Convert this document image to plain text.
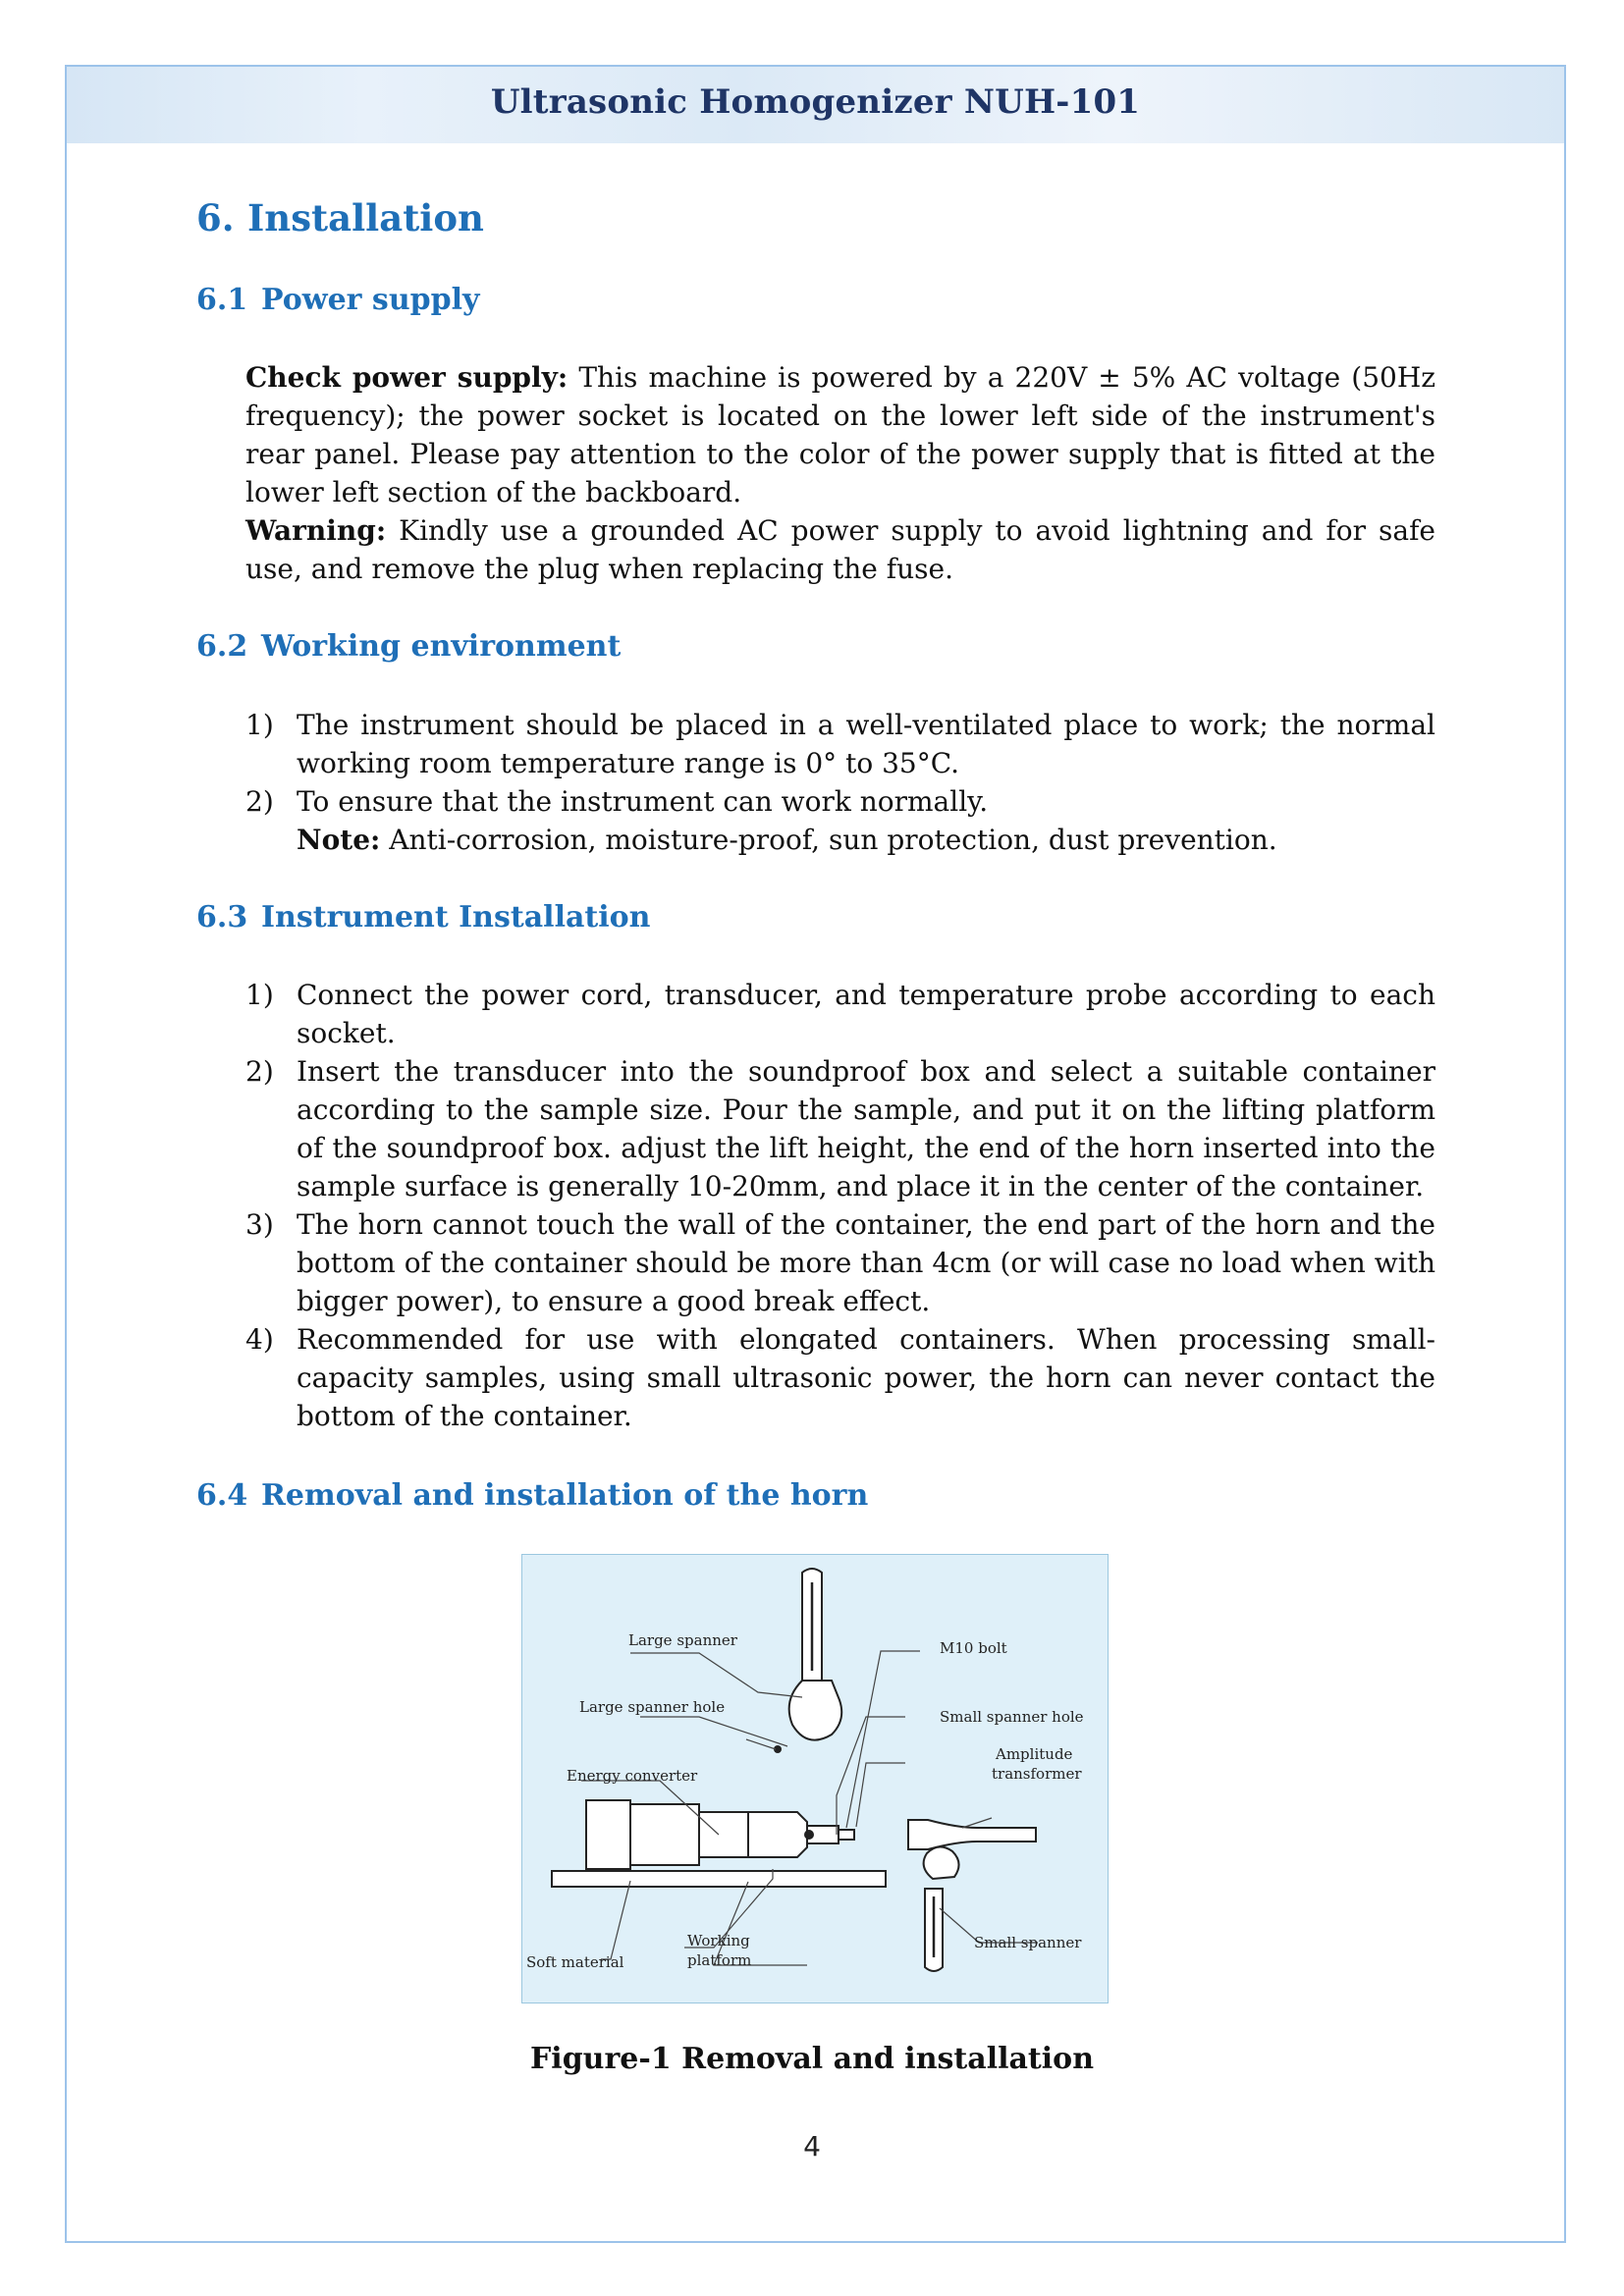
Ultrasonic Homogenizer NUH-101
6. Installation
6.1 Power supply
Check power supply: This machine is powered by a 220V ± 5% AC voltage (50Hz frequency); the power socket is located on the lower left side of the instrument's rear panel. Please pay attention to the color of the power supply that is fitted at the lower left section of the backboard.
Warning: Kindly use a grounded AC power supply to avoid lightning and for safe use, and remove the plug when replacing the fuse.
6.2 Working environment
1) The instrument should be placed in a well-ventilated place to work; the normal working room temperature range is 0° to 35°C.
2) To ensure that the instrument can work normally.
Note: Anti-corrosion, moisture-proof, sun protection, dust prevention.
6.3 Instrument Installation
1) Connect the power cord, transducer, and temperature probe according to each socket.
2) Insert the transducer into the soundproof box and select a suitable container according to the sample size. Pour the sample, and put it on the lifting platform of the soundproof box. adjust the lift height, the end of the horn inserted into the sample surface is generally 10-20mm, and place it in the center of the container.
3) The horn cannot touch the wall of the container, the end part of the horn and the bottom of the container should be more than 4cm (or will case no load when with bigger power), to ensure a good break effect.
4) Recommended for use with elongated containers. When processing small-capacity samples, using small ultrasonic power, the horn can never contact the bottom of the container.
6.4 Removal and installation of the horn
Large spanner
Large spanner hole
Energy converter
M10 bolt
Small spanner hole
Amplitude
transformer
Soft material
Working
platform
Small spanner
Figure-1 Removal and installation
4
